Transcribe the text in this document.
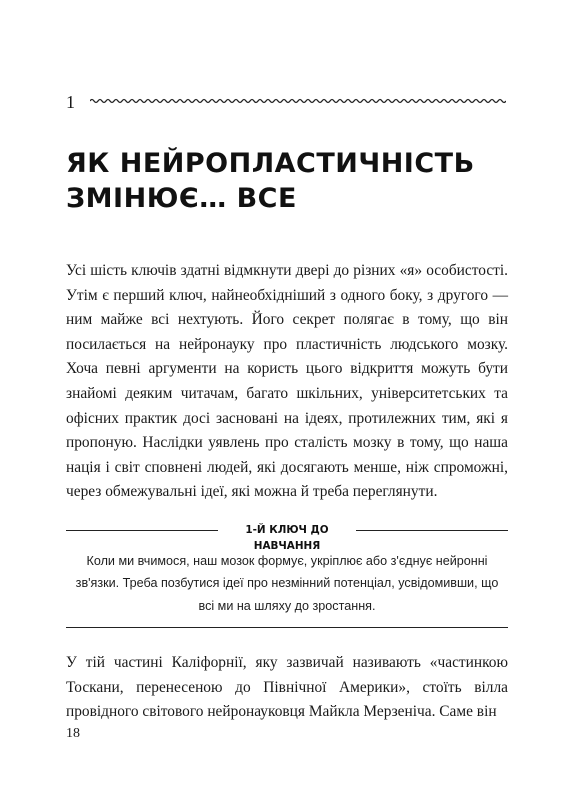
1
ЯК НЕЙРОПЛАСТИЧНІСТЬ
ЗМІНЮЄ… ВСЕ

Усі шість ключів здатні відмкнути двері до різних «я» особистості. Утім є перший ключ, найнеобхідніший з одного боку, з другого — ним майже всі нехтують. Його секрет полягає в тому, що він посилається на нейронауку про пластичність людського мозку. Хоча певні аргументи на користь цього відкриття можуть бути знайомі деяким читачам, багато шкільних, університетських та офісних практик досі засновані на ідеях, протилежних тим, які я пропоную. Наслідки уявлень про сталість мозку в тому, що наша нація і світ сповнені людей, які досягають менше, ніж спроможні, через обмежувальні ідеї, які можна й треба переглянути.

1-Й КЛЮЧ ДО НАВЧАННЯ

Коли ми вчимося, наш мозок формує, укріплює або з'єднує нейронні зв'язки. Треба позбутися ідеї про незмінний потенціал, усвідомивши, що всі ми на шляху до зростання.

У тій частині Каліфорнії, яку зазвичай називають «частинкою Тоскани, перенесеною до Північної Америки», стоїть вілла провідного світового нейронауковця Майкла Мерзеніча. Саме він

18
